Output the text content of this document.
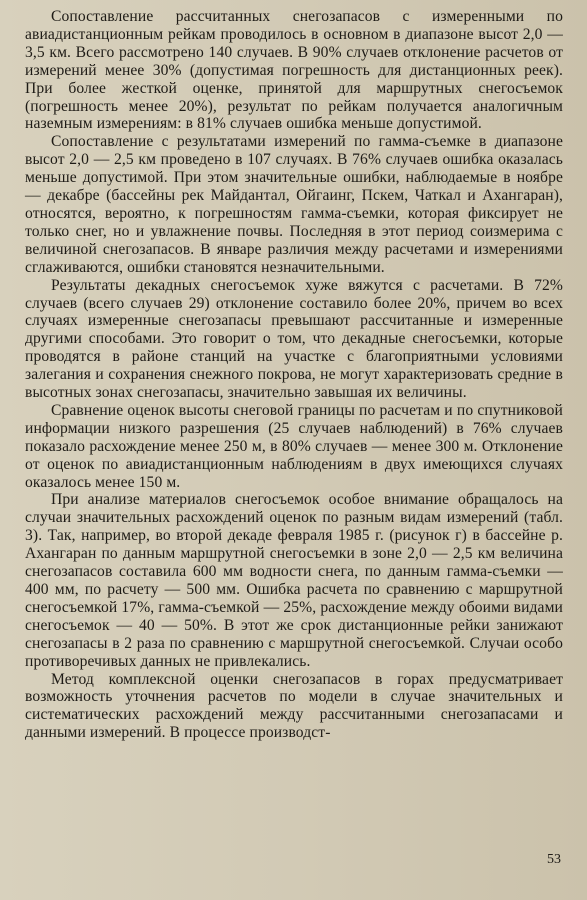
Сопоставление рассчитанных снегозапасов с измеренными по авиадистанционным рейкам проводилось в основном в диапазоне высот 2,0 — 3,5 км. Всего рассмотрено 140 случаев. В 90% случаев отклонение расчетов от измерений менее 30% (допустимая погрешность для дистанционных реек). При более жесткой оценке, принятой для маршрутных снегосъемок (погрешность менее 20%), результат по рейкам получается аналогичным наземным измерениям: в 81% случаев ошибка меньше допустимой.

Сопоставление с результатами измерений по гамма-съемке в диапазоне высот 2,0 — 2,5 км проведено в 107 случаях. В 76% случаев ошибка оказалась меньше допустимой. При этом значительные ошибки, наблюдаемые в ноябре — декабре (бассейны рек Майдантал, Ойгаинг, Пскем, Чаткал и Ахангаран), относятся, вероятно, к погрешностям гамма-съемки, которая фиксирует не только снег, но и увлажнение почвы. Последняя в этот период соизмерима с величиной снегозапасов. В январе различия между расчетами и измерениями сглаживаются, ошибки становятся незначительными.

Результаты декадных снегосъемок хуже вяжутся с расчетами. В 72% случаев (всего случаев 29) отклонение составило более 20%, причем во всех случаях измеренные снегозапасы превышают рассчитанные и измеренные другими способами. Это говорит о том, что декадные снегосъемки, которые проводятся в районе станций на участке с благоприятными условиями залегания и сохранения снежного покрова, не могут характеризовать средние в высотных зонах снегозапасы, значительно завышая их величины.

Сравнение оценок высоты снеговой границы по расчетам и по спутниковой информации низкого разрешения (25 случаев наблюдений) в 76% случаев показало расхождение менее 250 м, в 80% случаев — менее 300 м. Отклонение от оценок по авиадистанционным наблюдениям в двух имеющихся случаях оказалось менее 150 м.

При анализе материалов снегосъемок особое внимание обращалось на случаи значительных расхождений оценок по разным видам измерений (табл. 3). Так, например, во второй декаде февраля 1985 г. (рисунок г) в бассейне р. Ахангаран по данным маршрутной снегосъемки в зоне 2,0 — 2,5 км величина снегозапасов составила 600 мм водности снега, по данным гамма-съемки — 400 мм, по расчету — 500 мм. Ошибка расчета по сравнению с маршрутной снегосъемкой 17%, гамма-съемкой — 25%, расхождение между обоими видами снегосъемок — 40 — 50%. В этот же срок дистанционные рейки занижают снегозапасы в 2 раза по сравнению с маршрутной снегосъемкой. Случаи особо противоречивых данных не привлекались.

Метод комплексной оценки снегозапасов в горах предусматривает возможность уточнения расчетов по модели в случае значительных и систематических расхождений между рассчитанными снегозапасами и данными измерений. В процессе производст-

53
